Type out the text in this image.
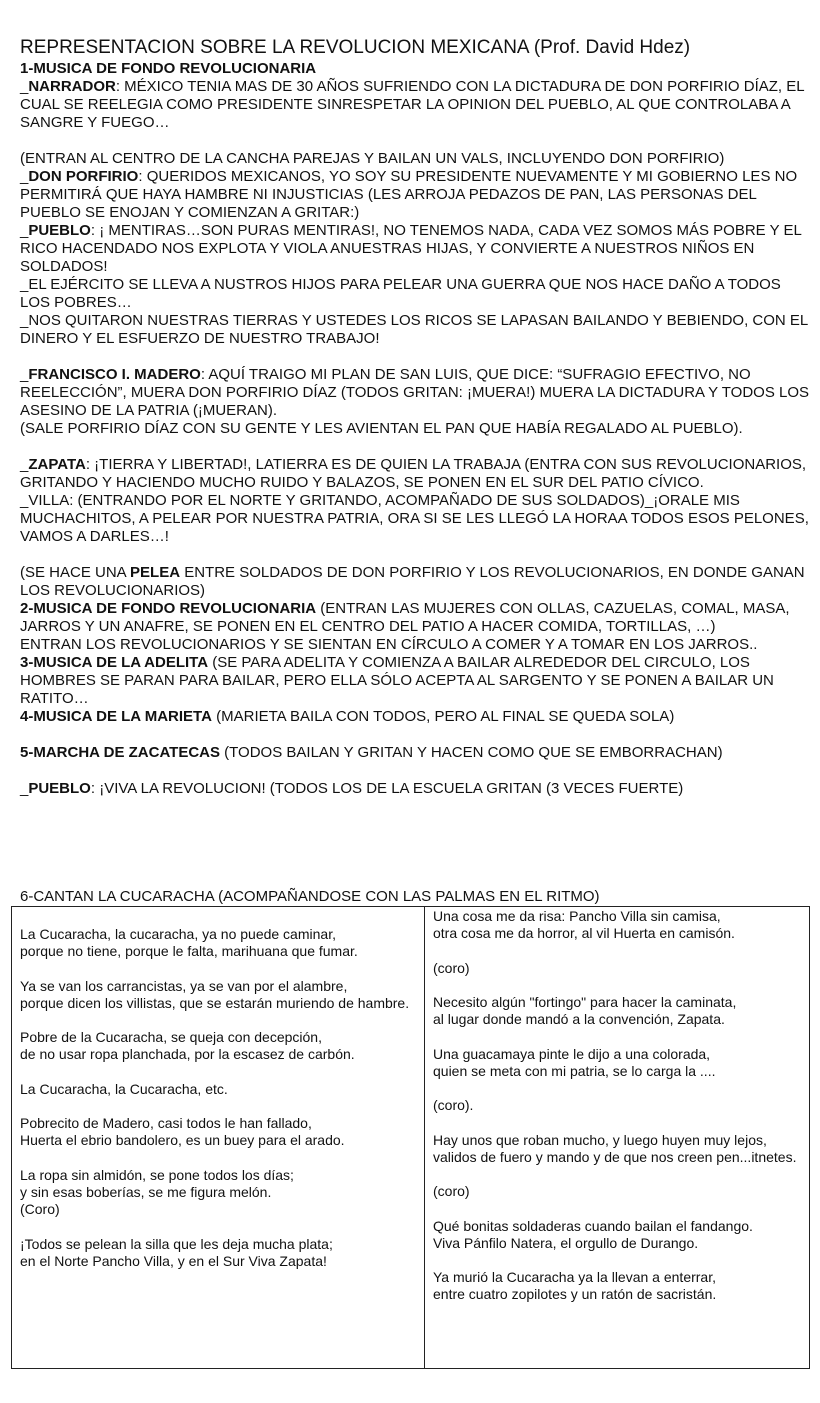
REPRESENTACION SOBRE LA REVOLUCION MEXICANA (Prof. David Hdez)

1-MUSICA DE FONDO REVOLUCIONARIA

_NARRADOR: MÉXICO TENIA MAS DE 30 AÑOS SUFRIENDO CON LA DICTADURA DE DON PORFIRIO DÍAZ, EL CUAL SE REELEGIA COMO PRESIDENTE SINRESPETAR LA OPINION DEL PUEBLO, AL QUE CONTROLABA A SANGRE Y FUEGO…

(ENTRAN AL CENTRO DE LA CANCHA PAREJAS Y BAILAN UN VALS, INCLUYENDO DON PORFIRIO)

_DON PORFIRIO: QUERIDOS MEXICANOS, YO SOY SU PRESIDENTE NUEVAMENTE Y MI GOBIERNO LES NO PERMITIRÁ QUE HAYA HAMBRE NI INJUSTICIAS (LES ARROJA PEDAZOS DE PAN, LAS PERSONAS DEL PUEBLO SE ENOJAN Y COMIENZAN A GRITAR:)

_PUEBLO: ¡ MENTIRAS…SON PURAS MENTIRAS!, NO TENEMOS NADA, CADA VEZ SOMOS MÁS POBRE Y EL RICO HACENDADO NOS EXPLOTA Y VIOLA ANUESTRAS HIJAS, Y CONVIERTE A NUESTROS NIÑOS EN SOLDADOS!

_EL EJÉRCITO SE LLEVA A NUSTROS HIJOS PARA PELEAR UNA GUERRA QUE NOS HACE DAÑO A TODOS LOS POBRES…

_NOS QUITARON NUESTRAS TIERRAS Y USTEDES LOS RICOS SE LAPASAN BAILANDO Y BEBIENDO, CON EL DINERO Y EL ESFUERZO DE NUESTRO TRABAJO!

_FRANCISCO I. MADERO: AQUÍ TRAIGO MI PLAN DE SAN LUIS, QUE DICE: “SUFRAGIO EFECTIVO, NO REELECCIÓN”, MUERA DON PORFIRIO DÍAZ (TODOS GRITAN: ¡MUERA!) MUERA LA DICTADURA Y TODOS LOS ASESINO DE LA PATRIA (¡MUERAN).

(SALE PORFIRIO DÍAZ CON SU GENTE Y LES AVIENTAN EL PAN QUE HABÍA REGALADO AL PUEBLO).

_ZAPATA: ¡TIERRA Y LIBERTAD!, LATIERRA ES DE QUIEN LA TRABAJA (ENTRA CON SUS REVOLUCIONARIOS, GRITANDO Y HACIENDO MUCHO RUIDO Y BALAZOS, SE PONEN EN EL SUR DEL PATIO CÍVICO.

_VILLA: (ENTRANDO POR EL NORTE Y GRITANDO, ACOMPAÑADO DE SUS SOLDADOS)_¡ORALE MIS MUCHACHITOS, A PELEAR POR NUESTRA PATRIA, ORA SI SE LES LLEGÓ LA HORAA TODOS ESOS PELONES, VAMOS A DARLES…!

(SE HACE UNA PELEA ENTRE SOLDADOS DE DON PORFIRIO Y LOS REVOLUCIONARIOS, EN DONDE GANAN LOS REVOLUCIONARIOS)

2-MUSICA DE FONDO REVOLUCIONARIA (ENTRAN LAS MUJERES CON OLLAS, CAZUELAS, COMAL, MASA, JARROS Y UN ANAFRE, SE PONEN EN EL CENTRO DEL PATIO A HACER COMIDA, TORTILLAS, …)

ENTRAN LOS REVOLUCIONARIOS Y SE SIENTAN EN CÍRCULO A COMER Y A TOMAR EN LOS JARROS..

3-MUSICA DE LA ADELITA (SE PARA ADELITA Y COMIENZA A BAILAR ALREDEDOR DEL CIRCULO, LOS HOMBRES SE PARAN PARA BAILAR, PERO ELLA SÓLO ACEPTA AL SARGENTO Y SE PONEN A BAILAR UN RATITO…

4-MUSICA DE LA MARIETA (MARIETA BAILA CON TODOS, PERO AL FINAL SE QUEDA SOLA)

5-MARCHA DE ZACATECAS (TODOS BAILAN Y GRITAN Y HACEN COMO QUE SE EMBORRACHAN)

_PUEBLO: ¡VIVA LA REVOLUCION! (TODOS LOS DE LA ESCUELA GRITAN (3 VECES FUERTE)

6-CANTAN LA CUCARACHA (ACOMPAÑANDOSE CON LAS PALMAS EN EL RITMO)
La Cucaracha, la cucaracha, ya no puede caminar,
porque no tiene, porque le falta, marihuana que fumar.
Ya se van los carrancistas, ya se van por el alambre,
porque dicen los villistas, que se estarán muriendo de hambre.
Pobre de la Cucaracha, se queja con decepción,
de no usar ropa planchada, por la escasez de carbón.
La Cucaracha, la Cucaracha, etc.
Pobrecito de Madero, casi todos le han fallado,
Huerta el ebrio bandolero, es un buey para el arado.
La ropa sin almidón, se pone todos los días;
y sin esas boberías, se me figura melón.
(Coro)
¡Todos se pelean la silla que les deja mucha plata;
en el Norte Pancho Villa, y en el Sur Viva Zapata!

Una cosa me da risa: Pancho Villa sin camisa,
otra cosa me da horror, al vil Huerta en camisón.
(coro)
Necesito algún "fortingo" para hacer la caminata,
al lugar donde mandó a la convención, Zapata.
Una guacamaya pinte le dijo a una colorada,
quien se meta con mi patria, se lo carga la ....
(coro).
Hay unos que roban mucho, y luego huyen muy lejos,
validos de fuero y mando y de que nos creen pen...itnetes.
(coro)
Qué bonitas soldaderas cuando bailan el fandango.
Viva Pánfilo Natera, el orgullo de Durango.
Ya murió la Cucaracha ya la llevan a enterrar,
entre cuatro zopilotes y un ratón de sacristán.
